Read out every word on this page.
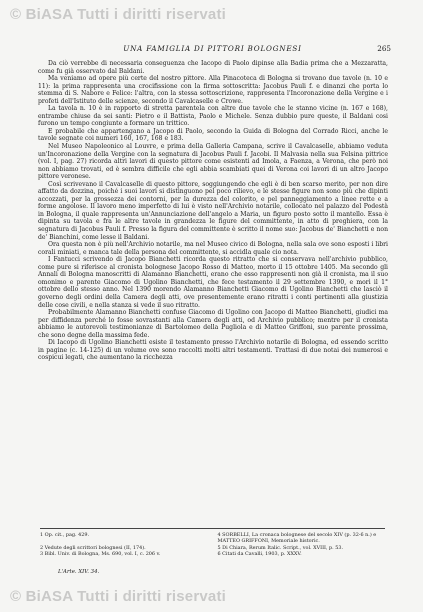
© BiASA Tutti i diritti riservati
UNA FAMIGLIA DI PITTORI BOLOGNESI	265

Da ciò verrebbe di necessaria conseguenza che Iacopo di Paolo dipinse alla Badia prima che a Mezzaratta, come fu già osservato dal Baldani.

Ma veniamo ad opere più certe del nostro pittore. Alla Pinacoteca di Bologna si trovano due tavole (n. 10 e 11): la prima rappresenta una crocifissione con la firma sottoscritta: Jacobus Pauli f. e dinanzi che porta lo stemma di S. Nabore e Felice: l'altra, con la stessa sottoscrizione, rappresenta l'Incoronazione della Vergine e i profeti dell'Istituto delle scienze, secondo il Cavalcaselle e Crowe.

La tavola n. 10 è in rapporto di stretta parentela con altre due tavole che le stanno vicine (n. 167 e 168), entrambe chiuse da sei santi: Pietro e il Battista, Paolo e Michele. Senza dubbio pure queste, il Baldani cosi furono un tempo congiunte a formare un trittico.

E probabile che appartengano a Jacopo di Paolo, secondo la Guida di Bologna del Corrado Ricci, anche le tavole segnate coi numeri 160, 167, 168 e 183.

Nel Museo Napoleonico al Louvre, e prima della Galleria Campana, scrive il Cavalcaselle, abbiamo veduta un'Incoronazione della Vergine con la segnatura di Jacobus Pauli f. Jacobi. Il Malvasia nella sua Felsina pittrice (vol. I, pag. 27) ricorda altri lavori di questo pittore come esistenti ad Imola, a Faenza, a Verona, che però noi non abbiamo trovati, ed è sembra difficile che egli abbia scambiati quei di Verona coi lavori di un altro Jacopo pittore veronese.

Così scrivevano il Cavalcaselle di questo pittore, soggiungendo che egli è di ben scarso merito, per non dire affatto da dozzina, poiché i suoi lavori si distinguono pel poco rilievo, e le stesse figure non sono più che dipinti accozzati, per la grossezza dei contorni, per la durezza del colorito, e pel panneggiamento a linee rette e a forme angolose. Il lavoro meno imperfetto di lui è visto nell'Archivio notarile, collocato nel palazzo del Podestà in Bologna, il quale rappresenta un'Annunciazione dell'angelo a Maria, un figuro posto sotto il mantello. Essa è dipinta su tavola e fra le altre tavole in grandezza le figure del committente, in atto di preghiera, con la segnatura di Jacobus Pauli f. Presso la figura del committente è scritto il nome suo: Jacobus de' Bianchetti e non de' Bianchini, come lesse il Baldani.

Ora questa non è più nell'Archivio notarile, ma nel Museo civico di Bologna, nella sala ove sono esposti i libri corali miniati, e manca tale della persona del committente, si accidla quale cio nota.

I Fantucci scrivendo di Jacopo Bianchetti ricorda questo ritratto che si conservava nell'archivio pubblico, come pure si riferisce al cronista bolognese Jacopo Rosso di Matteo, morto il 15 ottobre 1405. Ma secondo gli Annali di Bologna manoscritti di Alamanno Bianchetti, erano che esso rappresenti non già il cronista, ma il suo omonimo e parente Giacomo di Ugolino Bianchetti, che fece testamento il 29 settembre 1390, e morì il 1° ottobre dello stesso anno. Nel 1390 morendo Alamanno Bianchetti Giacomo di Ugolino Bianchetti che lasciò il governo degli ordini della Camera degli atti, ove presentemente erano ritratti i conti pertinenti alla giustizia delle cose civili, e nella stanza si vede il suo ritratto.

Probabilmente Alamanno Bianchetti confuse Giacomo di Ugolino con Jacopo di Matteo Bianchetti, giudici ma per diffidenza perché lo fosse sovrastanti alla Camera degli atti, od Archivio pubblico; mentre per il cronista abbiamo le autorevoli testimonianze di Bartolomeo della Pugliola e di Matteo Griffoni, suo parente prossima, che sono degne della massima fede.

Di Iacopo di Ugolino Bianchetti esiste il testamento presso l'Archivio notarile di Bologna, ed essendo scritto in pagine (c. 14-125) di un volume ove sono raccolti molti altri testamenti. Trattasi di due notai dei numerosi e cospicui legati, che aumentano la ricchezza

1 Op. cit., pag. 429.	4 SORBELLI, La cronaca bolognese del secolo XIV (p. 32-6 n.) e MATTEO GRIFFONI, Memoriale historic.

2 Vedute degli scrittori bolognesi (II, 174).	5 Di Chiara, Rerum Italic. Script., vol. XVIII, p. 53.

3 Bibl. Univ. di Bologna, Ms. 690, vol. I, c. 206 v.	6 Citati da Cavalli, 1903, p. XXXV.

L'Arte. XIV. 34.
© BiASA Tutti i diritti riservati
